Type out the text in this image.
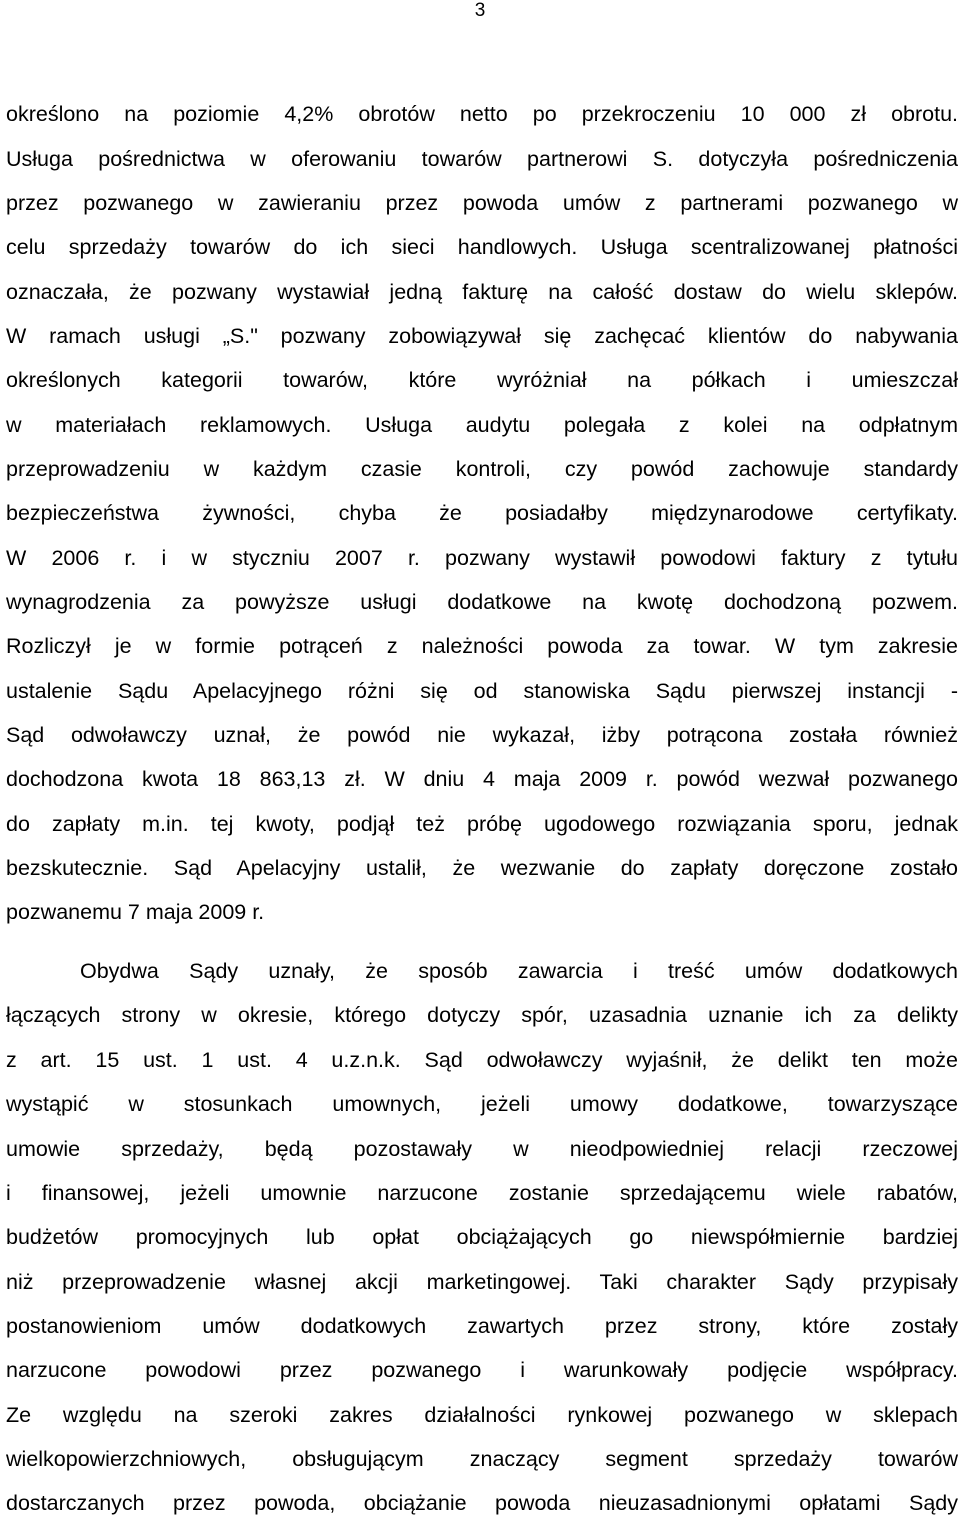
3
określono na poziomie 4,2% obrotów netto po przekroczeniu 10 000 zł obrotu.
Usługa pośrednictwa w oferowaniu towarów partnerowi S. dotyczyła pośredniczenia
przez pozwanego w zawieraniu przez powoda umów z partnerami pozwanego w
celu sprzedaży towarów do ich sieci handlowych. Usługa scentralizowanej płatności
oznaczała, że pozwany wystawiał jedną fakturę na całość dostaw do wielu sklepów.
W ramach usługi „S." pozwany zobowiązywał się zachęcać klientów do nabywania
określonych kategorii towarów, które wyróżniał na półkach i umieszczał
w materiałach reklamowych. Usługa audytu polegała z kolei na odpłatnym
przeprowadzeniu w każdym czasie kontroli, czy powód zachowuje standardy
bezpieczeństwa żywności, chyba że posiadałby międzynarodowe certyfikaty.
W 2006 r. i w styczniu 2007 r. pozwany wystawił powodowi faktury z tytułu
wynagrodzenia za powyższe usługi dodatkowe na kwotę dochodzoną pozwem.
Rozliczył je w formie potrąceń z należności powoda za towar. W tym zakresie
ustalenie Sądu Apelacyjnego różni się od stanowiska Sądu pierwszej instancji -
Sąd odwoławczy uznał, że powód nie wykazał, iżby potrącona została również
dochodzona kwota 18 863,13 zł. W dniu 4 maja 2009 r. powód wezwał pozwanego
do zapłaty m.in. tej kwoty, podjął też próbę ugodowego rozwiązania sporu, jednak
bezskutecznie. Sąd Apelacyjny ustalił, że wezwanie do zapłaty doręczone zostało
pozwanemu 7 maja 2009 r.
Obydwa Sądy uznały, że sposób zawarcia i treść umów dodatkowych
łączących strony w okresie, którego dotyczy spór, uzasadnia uznanie ich za delikty
z art. 15 ust. 1 ust. 4 u.z.n.k. Sąd odwoławczy wyjaśnił, że delikt ten może
wystąpić w stosunkach umownych, jeżeli umowy dodatkowe, towarzyszące
umowie sprzedaży, będą pozostawały w nieodpowiedniej relacji rzeczowej
i finansowej, jeżeli umownie narzucone zostanie sprzedającemu wiele rabatów,
budżetów promocyjnych lub opłat obciążających go niewspółmiernie bardziej
niż przeprowadzenie własnej akcji marketingowej. Taki charakter Sądy przypisały
postanowieniom umów dodatkowych zawartych przez strony, które zostały
narzucone powodowi przez pozwanego i warunkowały podjęcie współpracy.
Ze względu na szeroki zakres działalności rynkowej pozwanego w sklepach
wielkopowierzchniowych, obsługującym znaczący segment sprzedaży towarów
dostarczanych przez powoda, obciążanie powoda nieuzasadnionymi opłatami Sądy
